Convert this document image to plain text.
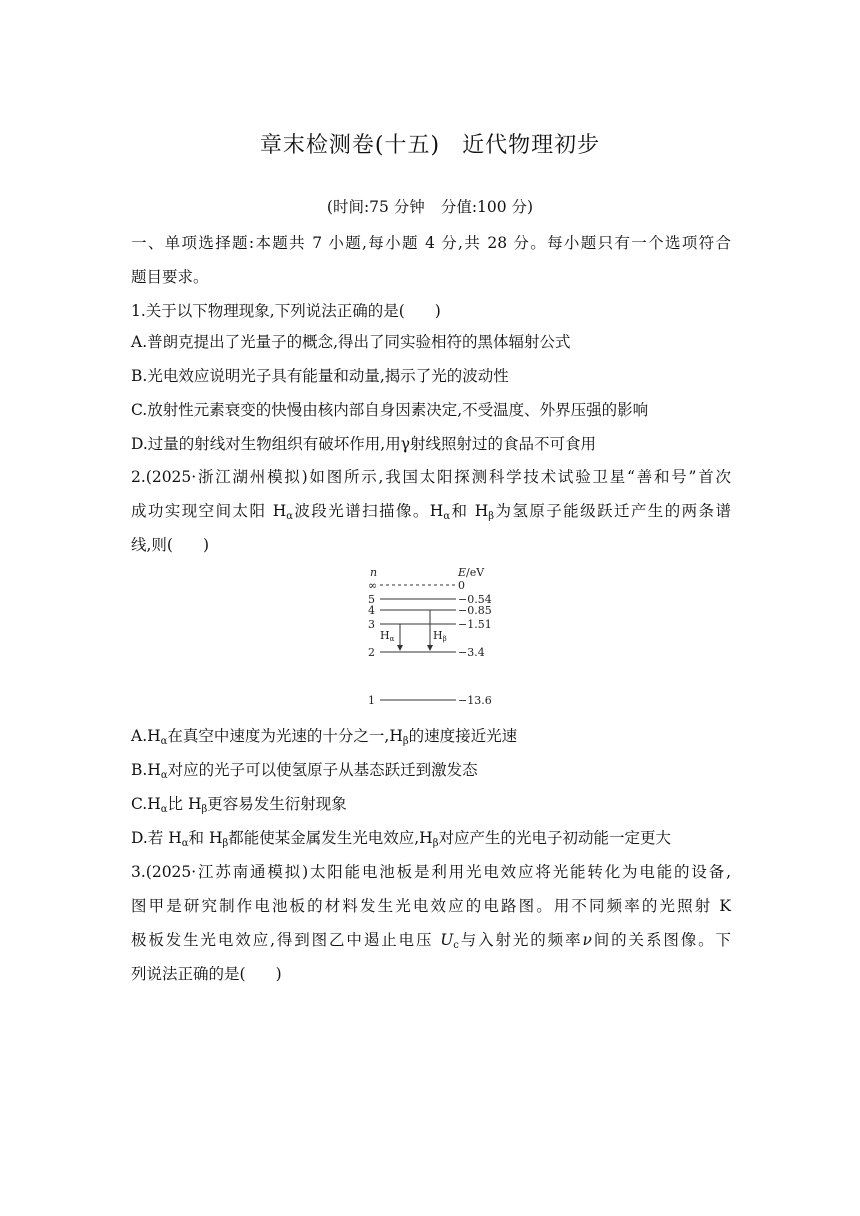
章末检测卷(十五) 近代物理初步
(时间:75 分钟 分值:100 分)
一、单项选择题:本题共 7 小题,每小题 4 分,共 28 分。每小题只有一个选项符合
题目要求。
1.关于以下物理现象,下列说法正确的是( )
A.普朗克提出了光量子的概念,得出了同实验相符的黑体辐射公式
B.光电效应说明光子具有能量和动量,揭示了光的波动性
C.放射性元素衰变的快慢由核内部自身因素决定,不受温度、外界压强的影响
D.过量的射线对生物组织有破坏作用,用γ射线照射过的食品不可食用
2.(2025·浙江湖州模拟)如图所示,我国太阳探测科学技术试验卫星“善和号”首次
成功实现空间太阳 $H_\alpha$波段光谱扫描像。$H_\alpha$和 $H_\beta$为氢原子能级跃迁产生的两条谱
线,则( )
n	E/eV
∞	0
5	−0.54
4	−0.85
3	−1.51
2	−3.4
1	−13.6
Hα	Hβ
$A.H_\alpha$在真空中速度为光速的十分之一$,H_\beta$的速度接近光速
$B.H_\alpha$对应的光子可以使氢原子从基态跃迁到激发态
$C.H_\alpha$比 $H_\beta$更容易发生衍射现象
D.若 $H_\alpha$和 $H_\beta$都能使某金属发生光电效应$,H_\beta$对应产生的光电子初动能一定更大
3.(2025·江苏南通模拟)太阳能电池板是利用光电效应将光能转化为电能的设备,
图甲是研究制作电池板的材料发生光电效应的电路图。用不同频率的光照射 K
极板发生光电效应,得到图乙中遏止电压 $U_c$与入射光的频率ν间的关系图像。下
列说法正确的是( )
